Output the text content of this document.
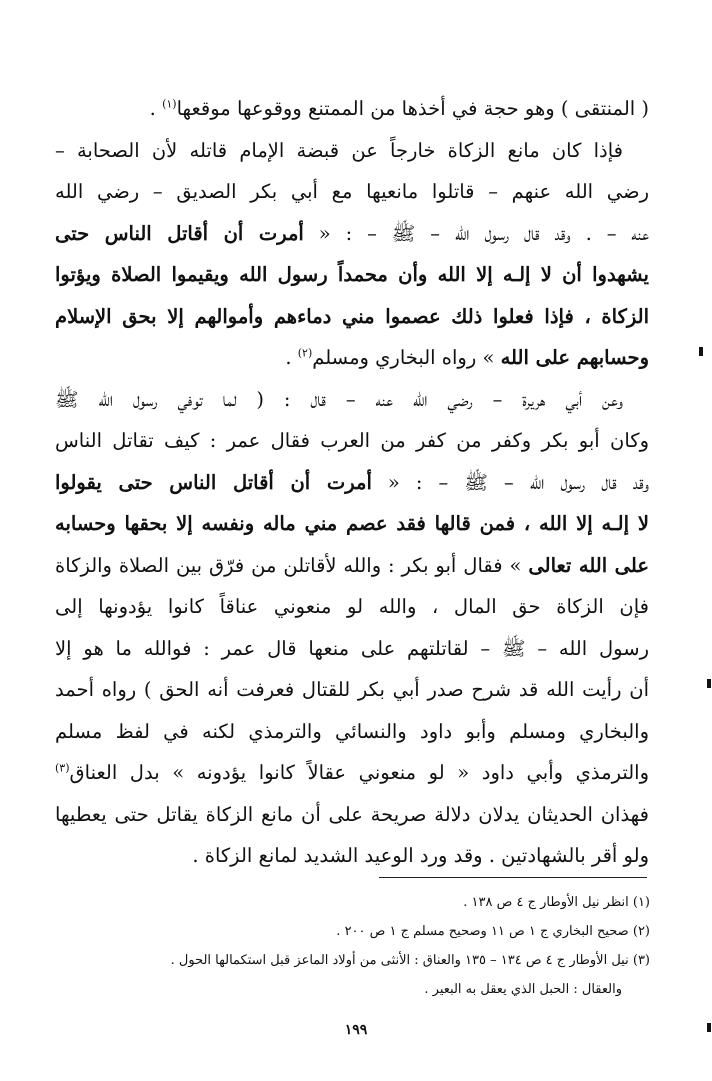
( المنتقى ) وهو حجة في أخذها من الممتنع ووقوعها موقعها$^{(١)}$ .
فإذا كان مانع الزكاة خارجاً عن قبضة الإمام قاتله لأن الصحابة –
رضي الله عنهم – قاتلوا مانعيها مع أبي بكر الصديق – رضي الله
عنه – . وقد قال رسول الله – ﷺ – : « أمرت أن أقاتل الناس حتى
يشهدوا أن لا إلـه إلا الله وأن محمداً رسول الله ويقيموا الصلاة ويؤتوا
الزكاة ، فإذا فعلوا ذلك عصموا مني دماءهم وأموالهم إلا بحق الإسلام
وحسابهم على الله » رواه البخاري ومسلم$^{(٢)}$ .
وعن أبي هريرة – رضي الله عنه – قال : ( لما توفي رسول الله ﷺ
وكان أبو بكر وكفر من كفر من العرب فقال عمر : كيف تقاتل الناس
وقد قال رسول الله – ﷺ – : « أمرت أن أقاتل الناس حتى يقولوا
لا إلـه إلا الله ، فمن قالها فقد عصم مني ماله ونفسه إلا بحقها وحسابه
على الله تعالى » فقال أبو بكر : والله لأقاتلن من فرّق بين الصلاة والزكاة
فإن الزكاة حق المال ، والله لو منعوني عناقاً كانوا يؤدونها إلى
رسول الله – ﷺ – لقاتلتهم على منعها قال عمر : فوالله ما هو إلا
أن رأيت الله قد شرح صدر أبي بكر للقتال فعرفت أنه الحق ) رواه أحمد
والبخاري ومسلم وأبو داود والنسائي والترمذي لكنه في لفظ مسلم
والترمذي وأبي داود « لو منعوني عقالاً كانوا يؤدونه » بدل العناق$^{(٣)}$
فهذان الحديثان يدلان دلالة صريحة على أن مانع الزكاة يقاتل حتى يعطيها
ولو أقر بالشهادتين . وقد ورد الوعيد الشديد لمانع الزكاة .
(١) انظر نيل الأوطار ج ٤ ص ١٣٨ .
(٢) صحيح البخاري ج ١ ص ١١ وصحيح مسلم ج ١ ص ٢٠٠ .
(٣) نيل الأوطار ج ٤ ص ١٣٤ – ١٣٥ والعناق : الأنثى من أولاد الماعز قبل استكمالها الحول .
والعقال : الحبل الذي يعقل به البعير .
١٩٩
